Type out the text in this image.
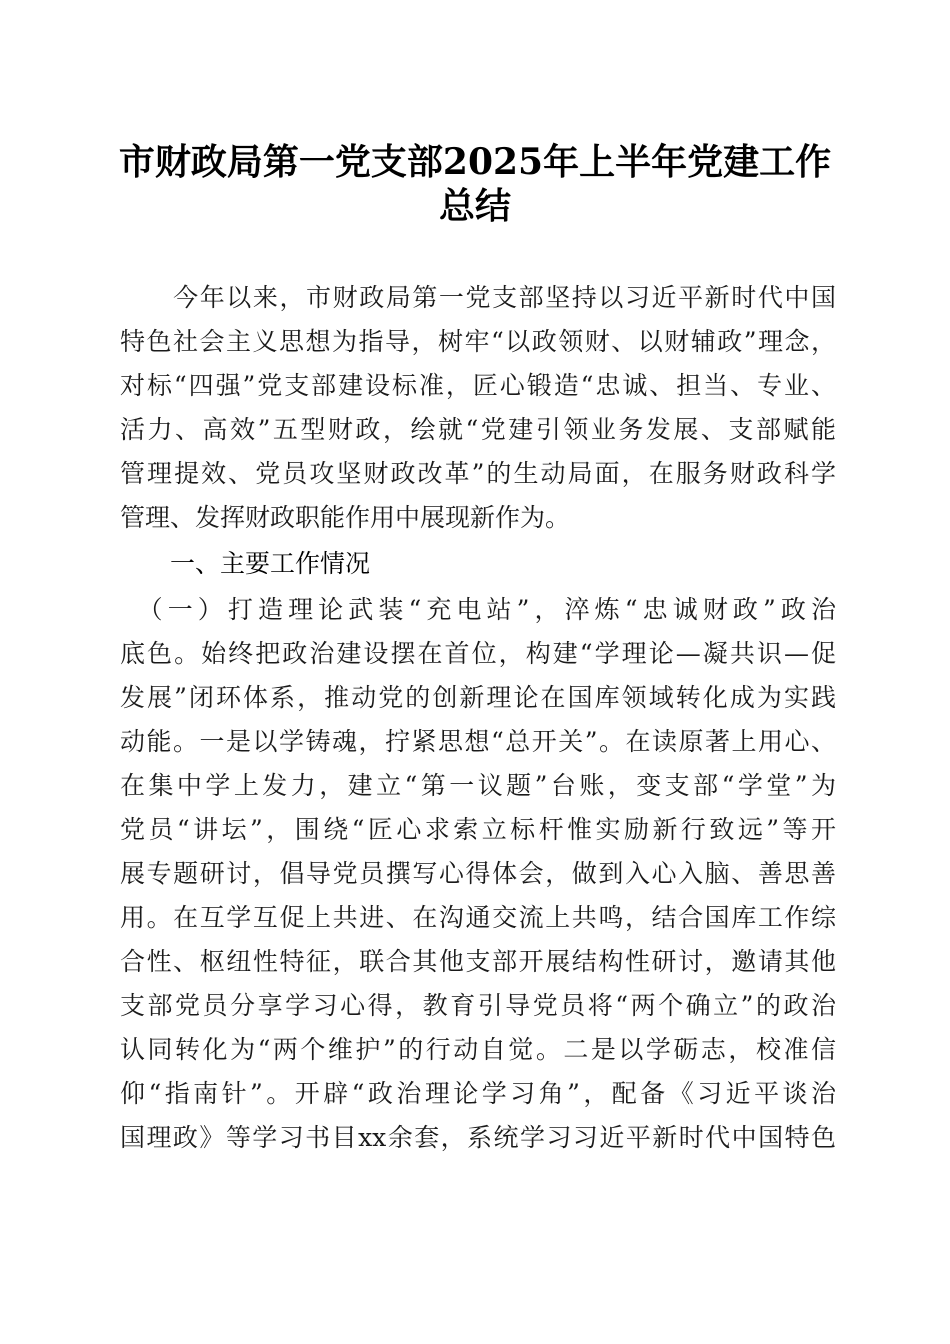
市财政局第一党支部2025年上半年党建工作
总结
　　今年以来，市财政局第一党支部坚持以习近平新时代中国
特色社会主义思想为指导，树牢“以政领财、以财辅政”理念，
对标“四强”党支部建设标准，匠心锻造“忠诚、担当、专业、
活力、高效”五型财政，绘就“党建引领业务发展、支部赋能
管理提效、党员攻坚财政改革”的生动局面，在服务财政科学
管理、发挥财政职能作用中展现新作为。
一、主要工作情况
　（一）打造理论武装“充电站”，淬炼“忠诚财政”政治
底色。始终把政治建设摆在首位，构建“学理论—凝共识—促
发展”闭环体系，推动党的创新理论在国库领域转化成为实践
动能。一是以学铸魂，拧紧思想“总开关”。在读原著上用心、
在集中学上发力，建立“第一议题”台账，变支部“学堂”为
党员“讲坛”，围绕“匠心求索立标杆惟实励新行致远”等开
展专题研讨，倡导党员撰写心得体会，做到入心入脑、善思善
用。在互学互促上共进、在沟通交流上共鸣，结合国库工作综
合性、枢纽性特征，联合其他支部开展结构性研讨，邀请其他
支部党员分享学习心得，教育引导党员将“两个确立”的政治
认同转化为“两个维护”的行动自觉。二是以学砺志，校准信
仰“指南针”。开辟“政治理论学习角”，配备《习近平谈治
国理政》等学习书目xx余套，系统学习习近平新时代中国特色
